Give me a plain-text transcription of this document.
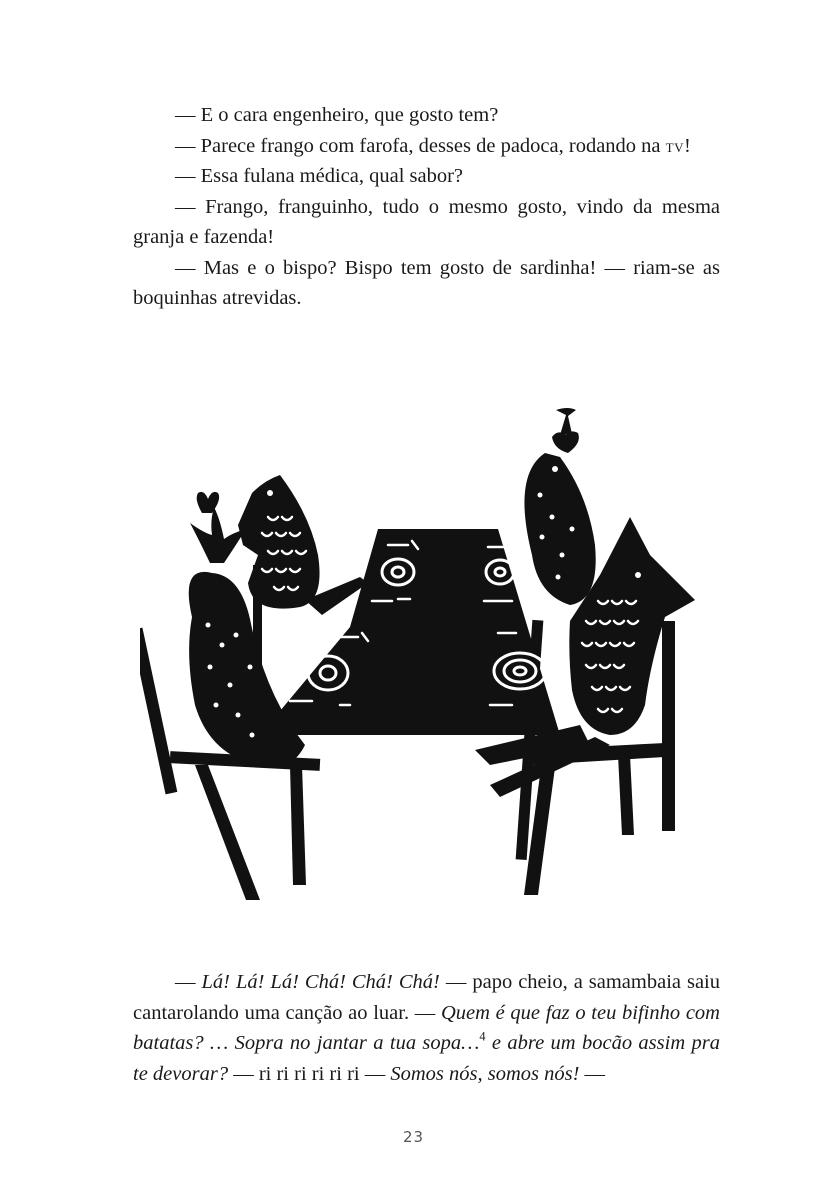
— E o cara engenheiro, que gosto tem?

— Parece frango com farofa, desses de padoca, rodando na tv!

— Essa fulana médica, qual sabor?

— Frango, franguinho, tudo o mesmo gosto, vindo da mesma granja e fazenda!

— Mas e o bispo? Bispo tem gosto de sardinha! — riam-se as boquinhas atrevidas.

— Lá! Lá! Lá! Chá! Chá! Chá! — papo cheio, a samambaia saiu cantarolando uma canção ao luar. — Quem é que faz o teu bifinho com batatas? … Sopra no jantar a tua sopa…$^4$ e abre um bocão assim pra te devorar? — ri ri ri ri ri ri — Somos nós, somos nós! —

23
